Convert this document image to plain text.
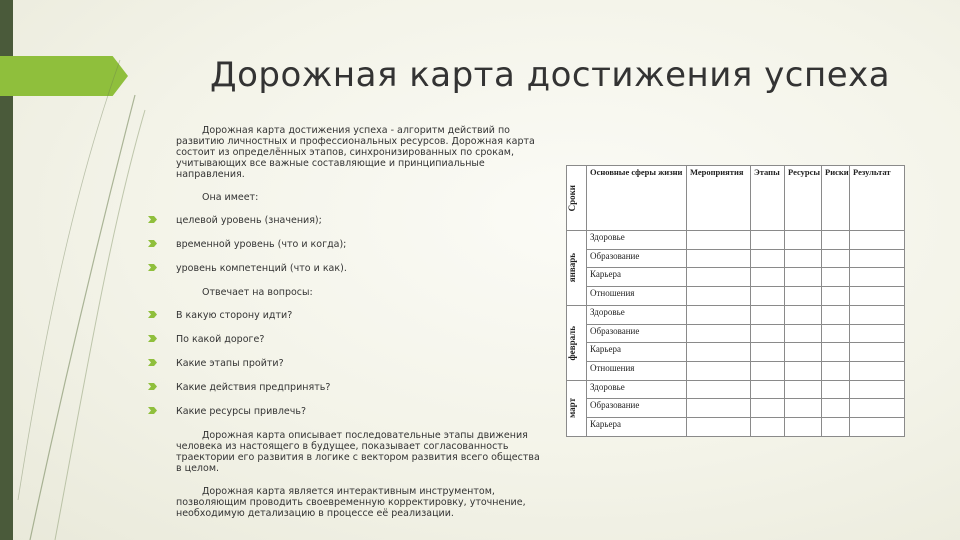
Дорожная карта достижения успеха

Дорожная карта достижения успеха - алгоритм действий по развитию личностных и профессиональных ресурсов. Дорожная карта состоит из определённых этапов, синхронизированных по срокам, учитывающих все важные составляющие и принципиальные направления.

Она имеет:

целевой уровень (значения);
временной уровень (что и когда);
уровень компетенций (что и как).

Отвечает на вопросы:

В какую сторону идти?
По какой дороге?
Какие этапы пройти?
Какие действия предпринять?
Какие ресурсы привлечь?

Дорожная карта описывает последовательные этапы движения человека из настоящего в будущее, показывает согласованность траектории его развития в логике с вектором развития всего общества в целом.

Дорожная карта является интерактивным инструментом, позволяющим проводить своевременную корректировку, уточнение, необходимую детализацию в процессе её реализации.

Сроки	Основные сферы жизни	Мероприятия	Этапы	Ресурсы	Риски	Результат

январь	Здоровье					
	Образование					
	Карьера					
	Отношения					

февраль	Здоровье					
	Образование					
	Карьера					
	Отношения					

март	Здоровье					
	Образование					
	Карьера					
